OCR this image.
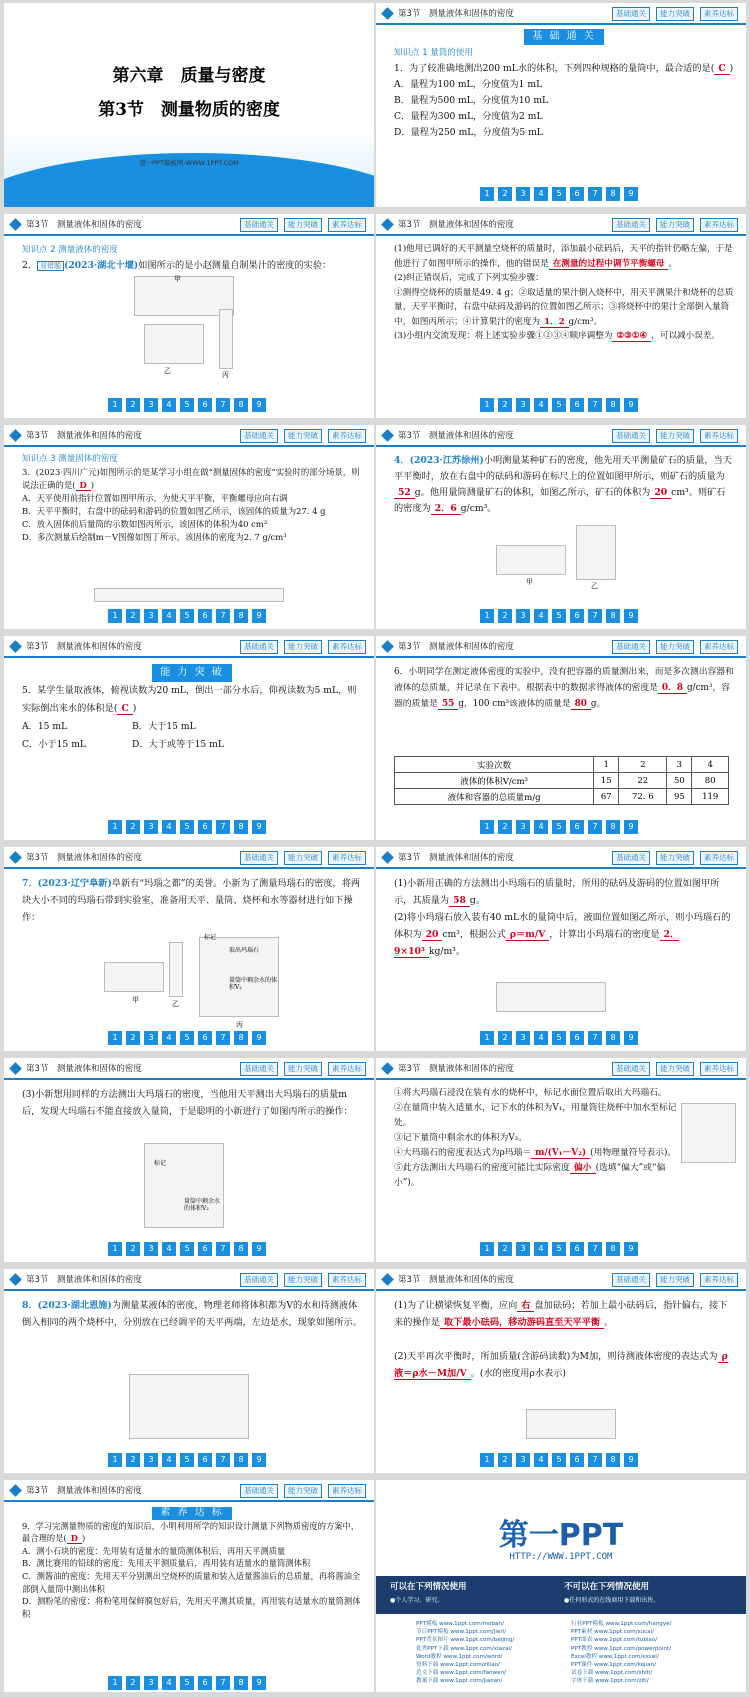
第六章　质量与密度
第3节　测量物质的密度
第一PPT模板网-WWW.1PPT.COM
第3节　测量液体和固体的密度	基础通关	能力突破	素养达标
基 础 通 关
知识点 1 量筒的使用
1．为了较准确地测出200 mL水的体积，下列四种规格的量筒中，最合适的是( C )
A．量程为100 mL，分度值为1 mL
B．量程为500 mL，分度值为10 mL
C．量程为300 mL，分度值为2 mL
D．量程为250 mL，分度值为5 mL
1	2	3	4	5	6	7	8	9
第3节　测量液体和固体的密度	基础通关	能力突破	素养达标
知识点 2 测量液体的密度
2． 易错题 (2023·湖北十堰)如图所示的是小赵测量自制果汁的密度的实验：
甲
乙	丙
1	2	3	4	5	6	7	8	9
第3节　测量液体和固体的密度	基础通关	能力突破	素养达标
(1)他用已调好的天平测量空烧杯的质量时，添加最小砝码后，天平的指针仍略左偏，于是他进行了如图甲所示的操作，他的错误是 在测量的过程中调节平衡螺母 。
(2)纠正错误后，完成了下列实验步骤：
①测得空烧杯的质量是49. 4 g；②取适量的果汁倒入烧杯中，用天平测果汁和烧杯的总质量，天平平衡时，右盘中砝码及游码的位置如图乙所示；③将烧杯中的果汁全部倒入量筒中，如图丙所示；④计算果汁的密度为 1．2 g/cm³。
(3)小组内交流发现：将上述实验步骤①②③④顺序调整为 ②③①④ ，可以减小误差。
1	2	3	4	5	6	7	8	9
第3节　测量液体和固体的密度	基础通关	能力突破	素养达标
知识点 3 测量固体的密度
3．(2023·四川广元)如图所示的是某学习小组在做“测量固体的密度”实验时的部分场景，则说法正确的是( D )
A．天平使用前指针位置如图甲所示，为使天平平衡，平衡螺母应向右调
B．天平平衡时，右盘中的砝码和游码的位置如图乙所示，该固体的质量为27. 4 g
C．放入固体前后量筒的示数如图丙所示，该固体的体积为40 cm³
D．多次测量后绘制m－V图像如图丁所示，该固体的密度为2. 7 g/cm³
1	2	3	4	5	6	7	8	9
第3节　测量液体和固体的密度	基础通关	能力突破	素养达标
4．(2023·江苏徐州)小明测量某种矿石的密度，他先用天平测量矿石的质量，当天平平衡时，放在右盘中的砝码和游码在标尺上的位置如图甲所示，则矿石的质量为52 g。他用量筒测量矿石的体积，如图乙所示，矿石的体积为 20 cm³。则矿石的密度为 2．6 g/cm³。
甲	乙
1	2	3	4	5	6	7	8	9
第3节　测量液体和固体的密度	基础通关	能力突破	素养达标
能 力 突 破
5．某学生量取液体，俯视读数为20 mL，倒出一部分水后，仰视读数为5 mL，则实际倒出来水的体积是( C )
A．15 mL	B．大于15 mL
C．小于15 mL	D．大于或等于15 mL
1	2	3	4	5	6	7	8	9
第3节　测量液体和固体的密度	基础通关	能力突破	素养达标
6．小明同学在测定液体密度的实验中，没有把容器的质量测出来，而是多次测出容器和液体的总质量，并记录在下表中。根据表中的数据求得液体的密度是 0．8 g/cm³，容器的质量是 55 g，100 cm³该液体的质量是 80 g。
实验次数	1	2	3	4
液体的体积V/cm³	15	22	50	80
液体和容器的总质量m/g	67	72. 6	95	119
1	2	3	4	5	6	7	8	9
第3节　测量液体和固体的密度	基础通关	能力突破	素养达标
7．(2023·辽宁阜新)阜新有“玛瑙之都”的美誉。小新为了测量玛瑙石的密度，将两块大小不同的玛瑙石带到实验室，准备用天平、量筒、烧杯和水等器材进行如下操作：
标记
取出玛瑙石
量筒中剩余水的体积V₂
甲	乙
丙
1	2	3	4	5	6	7	8	9
第3节　测量液体和固体的密度	基础通关	能力突破	素养达标
(1)小新用正确的方法测出小玛瑙石的质量时，所用的砝码及游码的位置如图甲所示，其质量为 58 g。
(2)将小玛瑙石放入装有40 mL水的量筒中后，液面位置如图乙所示，则小玛瑙石的体积为 20 cm³，根据公式 ρ＝m/V ，计算出小玛瑙石的密度是 2．9×10³ kg/m³。
1	2	3	4	5	6	7	8	9
第3节　测量液体和固体的密度	基础通关	能力突破	素养达标
(3)小新想用同样的方法测出大玛瑙石的密度，当他用天平测出大玛瑙石的质量m后，发现大玛瑙石不能直接放入量筒，于是聪明的小新进行了如图丙所示的操作：
标记
量筒中剩余水的体积V₂
1	2	3	4	5	6	7	8	9
第3节　测量液体和固体的密度	基础通关	能力突破	素养达标
①将大玛瑙石浸没在装有水的烧杯中，标记水面位置后取出大玛瑙石。
②在量筒中装入适量水，记下水的体积为V₁，用量筒往烧杯中加水至标记处。
③记下量筒中剩余水的体积为V₂。
④大玛瑙石的密度表达式为ρ玛瑙＝ m/(V₁－V₂) (用物理量符号表示)。
⑤此方法测出大玛瑙石的密度可能比实际密度 偏小 (选填“偏大”或“偏小”)。
1	2	3	4	5	6	7	8	9
第3节　测量液体和固体的密度	基础通关	能力突破	素养达标
8．(2023·湖北恩施)为测量某液体的密度，物理老师将体积都为V的水和待测液体倒入相同的两个烧杯中，分别放在已经调平的天平两端，左边是水，现象如图所示。
1	2	3	4	5	6	7	8	9
第3节　测量液体和固体的密度	基础通关	能力突破	素养达标
(1)为了让横梁恢复平衡，应向 右 盘加砝码；若加上最小砝码后，指针偏右，接下来的操作是 取下最小砝码，移动游码直至天平平衡 。

(2)天平再次平衡时，所加质量(含游码读数)为M加，则待测液体密度的表达式为 ρ液＝ρ水－M加/V 。(水的密度用ρ水表示)
1	2	3	4	5	6	7	8	9
第3节　测量液体和固体的密度	基础通关	能力突破	素养达标
素 养 达 标
9．学习完测量物质的密度的知识后，小明利用所学的知识设计测量下列物质密度的方案中，最合理的是( D )
A．测小石块的密度：先用装有适量水的量筒测体积后，再用天平测质量
B．测比赛用的铅球的密度：先用天平测质量后，再用装有适量水的量筒测体积
C．测酱油的密度：先用天平分别测出空烧杯的质量和装入适量酱油后的总质量，再将酱油全部倒入量筒中测出体积
D．测粉笔的密度：将粉笔用保鲜膜包好后，先用天平测其质量，再用装有适量水的量筒测体积
1	2	3	4	5	6	7	8	9
第一PPT
HTTP://WWW.1PPT.COM
可以在下列情况使用
●个人学习、研究。
不可以在下列情况使用
●任何形式的在线商用下载和出售。
PPT模板 www.1ppt.com/moban/	行业PPT模板 www.1ppt.com/hangye/
节日PPT模板 www.1ppt.com/jieri/	PPT素材 www.1ppt.com/sucai/
PPT背景图片 www.1ppt.com/beijing/	PPT图表 www.1ppt.com/tubiao/
优秀PPT下载 www.1ppt.com/xiazai/	PPT教程 www.1ppt.com/powerpoint/
Word教程 www.1ppt.com/word/	Excel教程 www.1ppt.com/excel/
资料下载 www.1ppt.com/ziliao/	PPT课件 www.1ppt.com/kejian/
范文下载 www.1ppt.com/fanwen/	试卷下载 www.1ppt.com/shiti/
教案下载 www.1ppt.com/jiaoan/	字体下载 www.1ppt.com/ziti/
